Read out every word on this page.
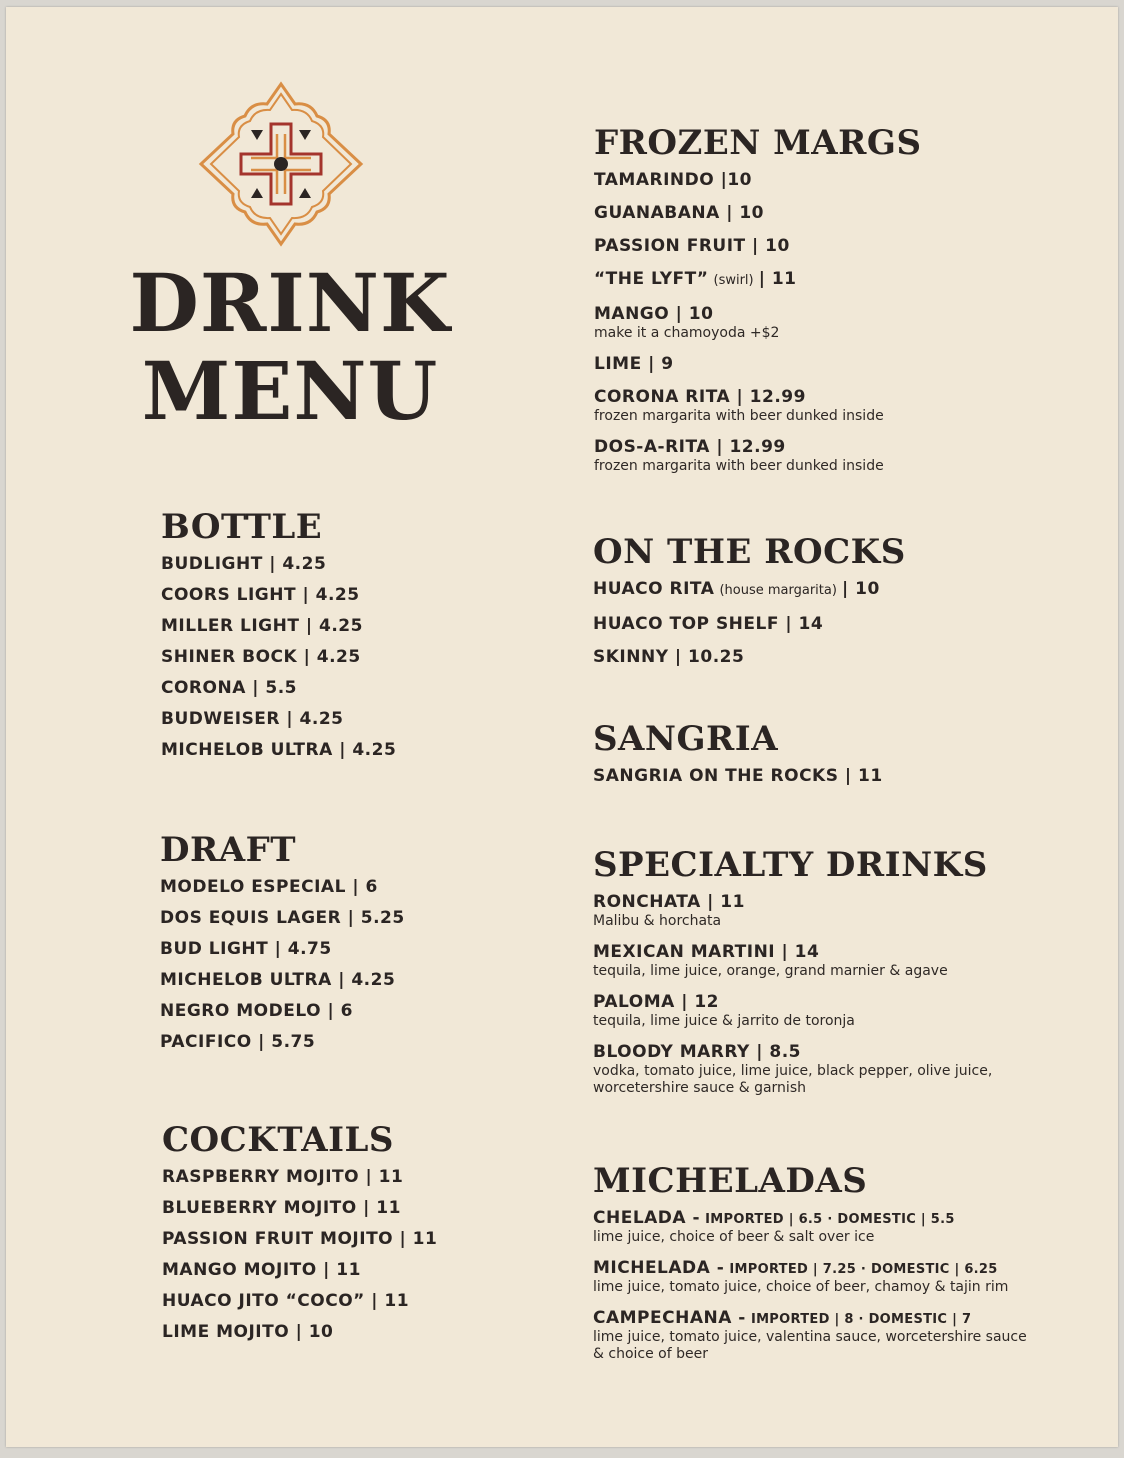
DRINK
MENU
BOTTLE
BUDLIGHT | 4.25
COORS LIGHT | 4.25
MILLER LIGHT | 4.25
SHINER BOCK | 4.25
CORONA | 5.5
BUDWEISER | 4.25
MICHELOB ULTRA | 4.25
DRAFT
MODELO ESPECIAL | 6
DOS EQUIS LAGER | 5.25
BUD LIGHT | 4.75
MICHELOB ULTRA | 4.25
NEGRO MODELO | 6
PACIFICO | 5.75
COCKTAILS
RASPBERRY MOJITO | 11
BLUEBERRY MOJITO | 11
PASSION FRUIT MOJITO | 11
MANGO MOJITO | 11
HUACO JITO “COCO” | 11
LIME MOJITO | 10
FROZEN MARGS
TAMARINDO |10
GUANABANA | 10
PASSION FRUIT | 10
“THE LYFT” (swirl) | 11
MANGO | 10
make it a chamoyoda +$2
LIME | 9
CORONA RITA | 12.99
frozen margarita with beer dunked inside
DOS-A-RITA | 12.99
frozen margarita with beer dunked inside
ON THE ROCKS
HUACO RITA (house margarita) | 10
HUACO TOP SHELF | 14
SKINNY | 10.25
SANGRIA
SANGRIA ON THE ROCKS | 11
SPECIALTY DRINKS
RONCHATA | 11
Malibu & horchata
MEXICAN MARTINI | 14
tequila, lime juice, orange, grand marnier & agave
PALOMA | 12
tequila, lime juice & jarrito de toronja
BLOODY MARRY | 8.5
vodka, tomato juice, lime juice, black pepper, olive juice,
worcetershire sauce & garnish
MICHELADAS
CHELADA - IMPORTED | 6.5 · DOMESTIC | 5.5
lime juice, choice of beer & salt over ice
MICHELADA - IMPORTED | 7.25 · DOMESTIC | 6.25
lime juice, tomato juice, choice of beer, chamoy & tajin rim
CAMPECHANA - IMPORTED | 8 · DOMESTIC | 7
lime juice, tomato juice, valentina sauce, worcetershire sauce
& choice of beer
